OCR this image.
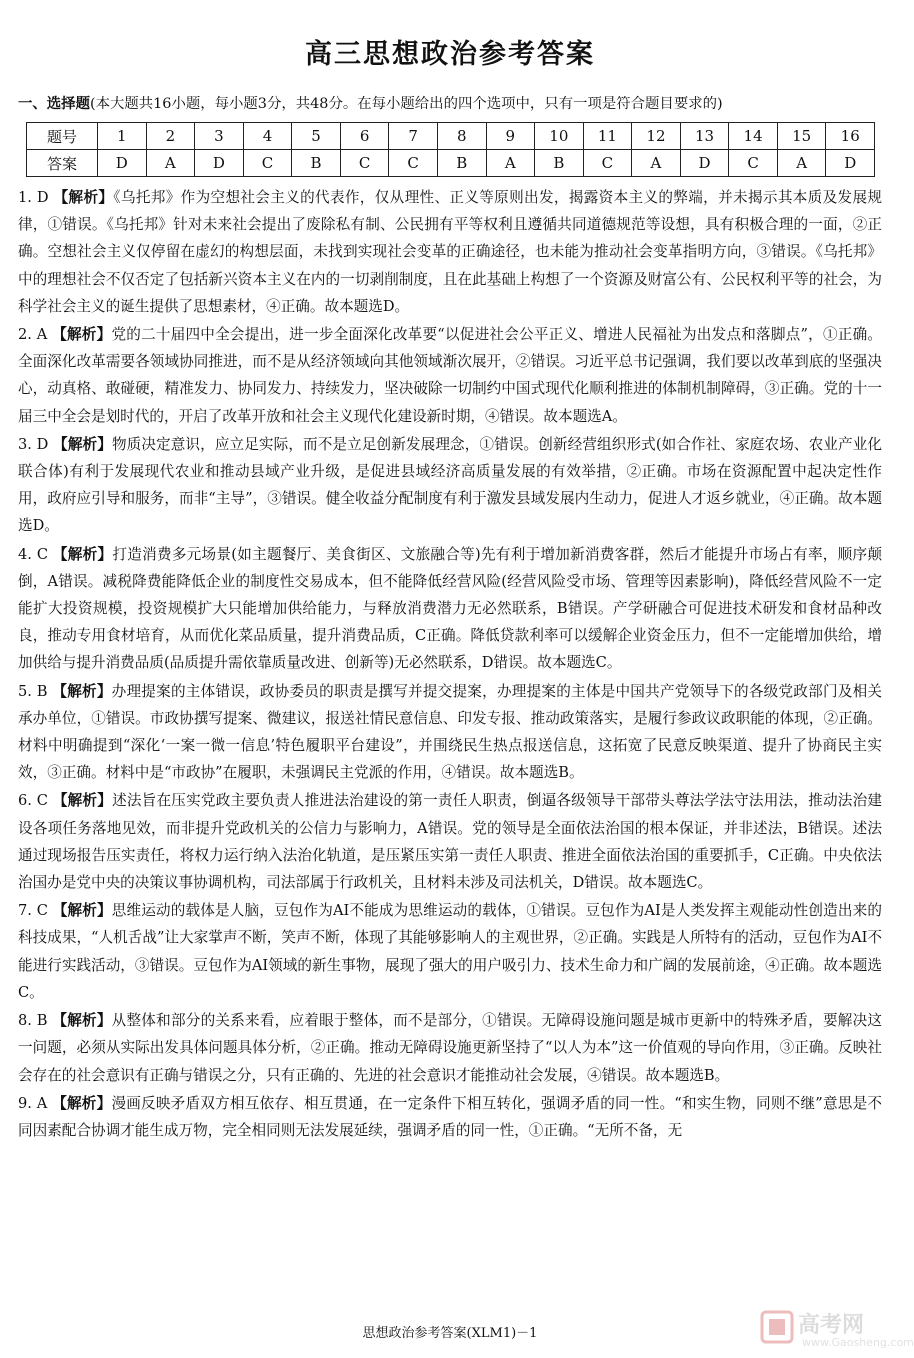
高三思想政治参考答案
一、选择题(本大题共16小题，每小题3分，共48分。在每小题给出的四个选项中，只有一项是符合题目要求的)
题号	1	2	3	4	5	6	7	8	9	10	11	12	13	14	15	16
答案	D	A	D	C	B	C	C	B	A	B	C	A	D	C	A	D
1. D 【解析】《乌托邦》作为空想社会主义的代表作，仅从理性、正义等原则出发，揭露资本主义的弊端，并未揭示其本质及发展规律，①错误。《乌托邦》针对未来社会提出了废除私有制、公民拥有平等权利且遵循共同道德规范等设想，具有积极合理的一面，②正确。空想社会主义仅停留在虚幻的构想层面，未找到实现社会变革的正确途径，也未能为推动社会变革指明方向，③错误。《乌托邦》中的理想社会不仅否定了包括新兴资本主义在内的一切剥削制度，且在此基础上构想了一个资源及财富公有、公民权利平等的社会，为科学社会主义的诞生提供了思想素材，④正确。故本题选D。
2. A 【解析】党的二十届四中全会提出，进一步全面深化改革要“以促进社会公平正义、增进人民福祉为出发点和落脚点”，①正确。全面深化改革需要各领域协同推进，而不是从经济领域向其他领域渐次展开，②错误。习近平总书记强调，我们要以改革到底的坚强决心，动真格、敢碰硬，精准发力、协同发力、持续发力，坚决破除一切制约中国式现代化顺利推进的体制机制障碍，③正确。党的十一届三中全会是划时代的，开启了改革开放和社会主义现代化建设新时期，④错误。故本题选A。
3. D 【解析】物质决定意识，应立足实际，而不是立足创新发展理念，①错误。创新经营组织形式(如合作社、家庭农场、农业产业化联合体)有利于发展现代农业和推动县域产业升级，是促进县域经济高质量发展的有效举措，②正确。市场在资源配置中起决定性作用，政府应引导和服务，而非“主导”，③错误。健全收益分配制度有利于激发县域发展内生动力，促进人才返乡就业，④正确。故本题选D。
4. C 【解析】打造消费多元场景(如主题餐厅、美食街区、文旅融合等)先有利于增加新消费客群，然后才能提升市场占有率，顺序颠倒，A错误。减税降费能降低企业的制度性交易成本，但不能降低经营风险(经营风险受市场、管理等因素影响)，降低经营风险不一定能扩大投资规模，投资规模扩大只能增加供给能力，与释放消费潜力无必然联系，B错误。产学研融合可促进技术研发和食材品种改良，推动专用食材培育，从而优化菜品质量，提升消费品质，C正确。降低贷款利率可以缓解企业资金压力，但不一定能增加供给，增加供给与提升消费品质(品质提升需依靠质量改进、创新等)无必然联系，D错误。故本题选C。
5. B 【解析】办理提案的主体错误，政协委员的职责是撰写并提交提案，办理提案的主体是中国共产党领导下的各级党政部门及相关承办单位，①错误。市政协撰写提案、微建议，报送社情民意信息、印发专报、推动政策落实，是履行参政议政职能的体现，②正确。材料中明确提到“深化‘一案一微一信息’特色履职平台建设”，并围绕民生热点报送信息，这拓宽了民意反映渠道、提升了协商民主实效，③正确。材料中是“市政协”在履职，未强调民主党派的作用，④错误。故本题选B。
6. C 【解析】述法旨在压实党政主要负责人推进法治建设的第一责任人职责，倒逼各级领导干部带头尊法学法守法用法，推动法治建设各项任务落地见效，而非提升党政机关的公信力与影响力，A错误。党的领导是全面依法治国的根本保证，并非述法，B错误。述法通过现场报告压实责任，将权力运行纳入法治化轨道，是压紧压实第一责任人职责、推进全面依法治国的重要抓手，C正确。中央依法治国办是党中央的决策议事协调机构，司法部属于行政机关，且材料未涉及司法机关，D错误。故本题选C。
7. C 【解析】思维运动的载体是人脑，豆包作为AI不能成为思维运动的载体，①错误。豆包作为AI是人类发挥主观能动性创造出来的科技成果，“人机舌战”让大家掌声不断，笑声不断，体现了其能够影响人的主观世界，②正确。实践是人所特有的活动，豆包作为AI不能进行实践活动，③错误。豆包作为AI领域的新生事物，展现了强大的用户吸引力、技术生命力和广阔的发展前途，④正确。故本题选C。
8. B 【解析】从整体和部分的关系来看，应着眼于整体，而不是部分，①错误。无障碍设施问题是城市更新中的特殊矛盾，要解决这一问题，必须从实际出发具体问题具体分析，②正确。推动无障碍设施更新坚持了“以人为本”这一价值观的导向作用，③正确。反映社会存在的社会意识有正确与错误之分，只有正确的、先进的社会意识才能推动社会发展，④错误。故本题选B。
9. A 【解析】漫画反映矛盾双方相互依存、相互贯通，在一定条件下相互转化，强调矛盾的同一性。“和实生物，同则不继”意思是不同因素配合协调才能生成万物，完全相同则无法发展延续，强调矛盾的同一性，①正确。“无所不备，无
思想政治参考答案(XLM1)－1	高考网
www.Gaosheng.com
